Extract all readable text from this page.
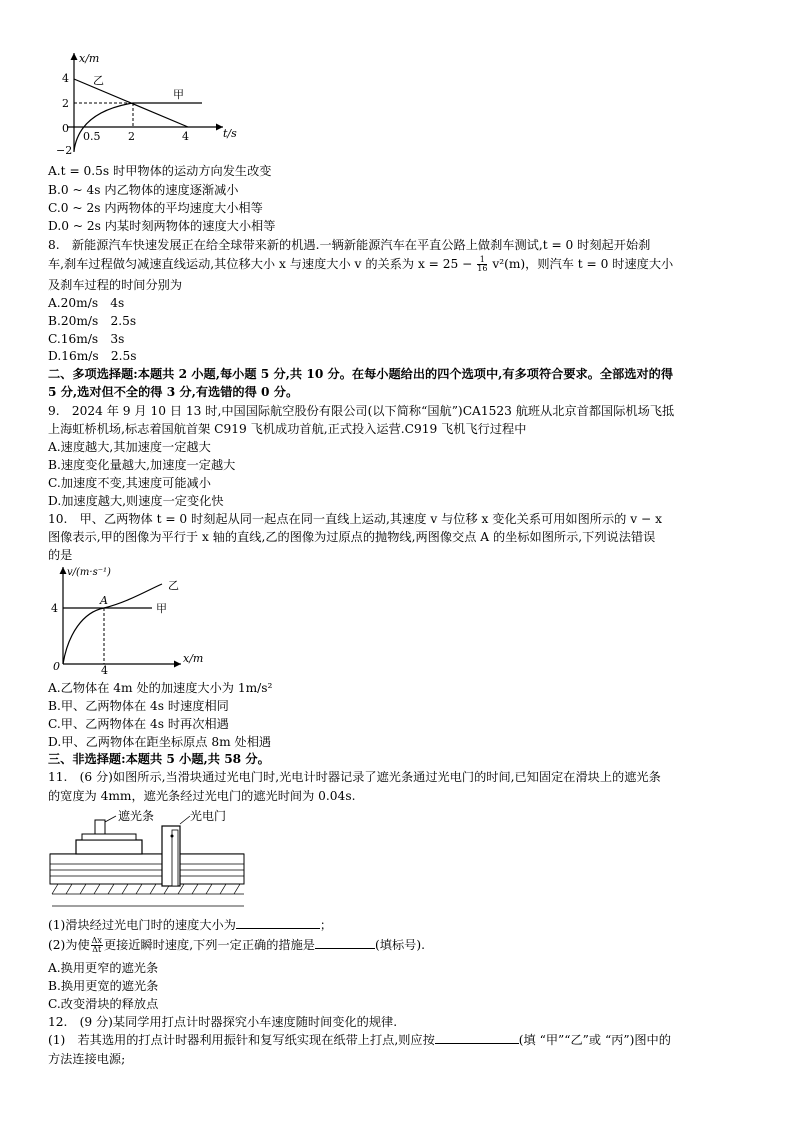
4
2
0
−2
x/m
t/s
0.5	2	4
乙
甲
A.t = 0.5s 时甲物体的运动方向发生改变
B.0 ~ 4s 内乙物体的速度逐渐减小
C.0 ~ 2s 内两物体的平均速度大小相等
D.0 ~ 2s 内某时刻两物体的速度大小相等
8.　新能源汽车快速发展正在给全球带来新的机遇.一辆新能源汽车在平直公路上做刹车测试,t = 0 时刻起开始刹
车,刹车过程做匀减速直线运动,其位移大小 x 与速度大小 v 的关系为 $x = 25 - \frac{1}{16} v^2(m)$，则汽车 t = 0 时速度大小
及刹车过程的时间分别为
A.20m/s　4s
B.20m/s　2.5s
C.16m/s　3s
D.16m/s　2.5s
二、多项选择题:本题共 2 小题,每小题 5 分,共 10 分。在每小题给出的四个选项中,有多项符合要求。全部选对的得
5 分,选对但不全的得 3 分,有选错的得 0 分。
9.　2024 年 9 月 10 日 13 时,中国国际航空股份有限公司(以下简称“国航”)CA1523 航班从北京首都国际机场飞抵
上海虹桥机场,标志着国航首架 C919 飞机成功首航,正式投入运营.C919 飞机飞行过程中
A.速度越大,其加速度一定越大
B.速度变化量越大,加速度一定越大
C.加速度不变,其速度可能减小
D.加速度越大,则速度一定变化快
10.　甲、乙两物体 t = 0 时刻起从同一起点在同一直线上运动,其速度 v 与位移 x 变化关系可用如图所示的 v − x
图像表示,甲的图像为平行于 x 轴的直线,乙的图像为过原点的抛物线,两图像交点 A 的坐标如图所示,下列说法错误
的是
v/(m·s⁻¹)
x/m
0
4
4
A
乙
甲
A.乙物体在 4m 处的加速度大小为 1m/s²
B.甲、乙两物体在 4s 时速度相同
C.甲、乙两物体在 4s 时再次相遇
D.甲、乙两物体在距坐标原点 8m 处相遇
三、非选择题:本题共 5 小题,共 58 分。
11.　(6 分)如图所示,当滑块通过光电门时,光电计时器记录了遮光条通过光电门的时间,已知固定在滑块上的遮光条
的宽度为 4mm，遮光条经过光电门的遮光时间为 0.04s.
遮光条	光电门
(1)滑块经过光电门时的速度大小为	；
(2)为使 $\frac{\Delta x}{\Delta t}$ 更接近瞬时速度,下列一定正确的措施是	(填标号).
A.换用更窄的遮光条
B.换用更宽的遮光条
C.改变滑块的释放点
12.　(9 分)某同学用打点计时器探究小车速度随时间变化的规律.
(1)　若其选用的打点计时器利用振针和复写纸实现在纸带上打点,则应按	(填 “甲”“乙”或 “丙”)图中的
方法连接电源;
